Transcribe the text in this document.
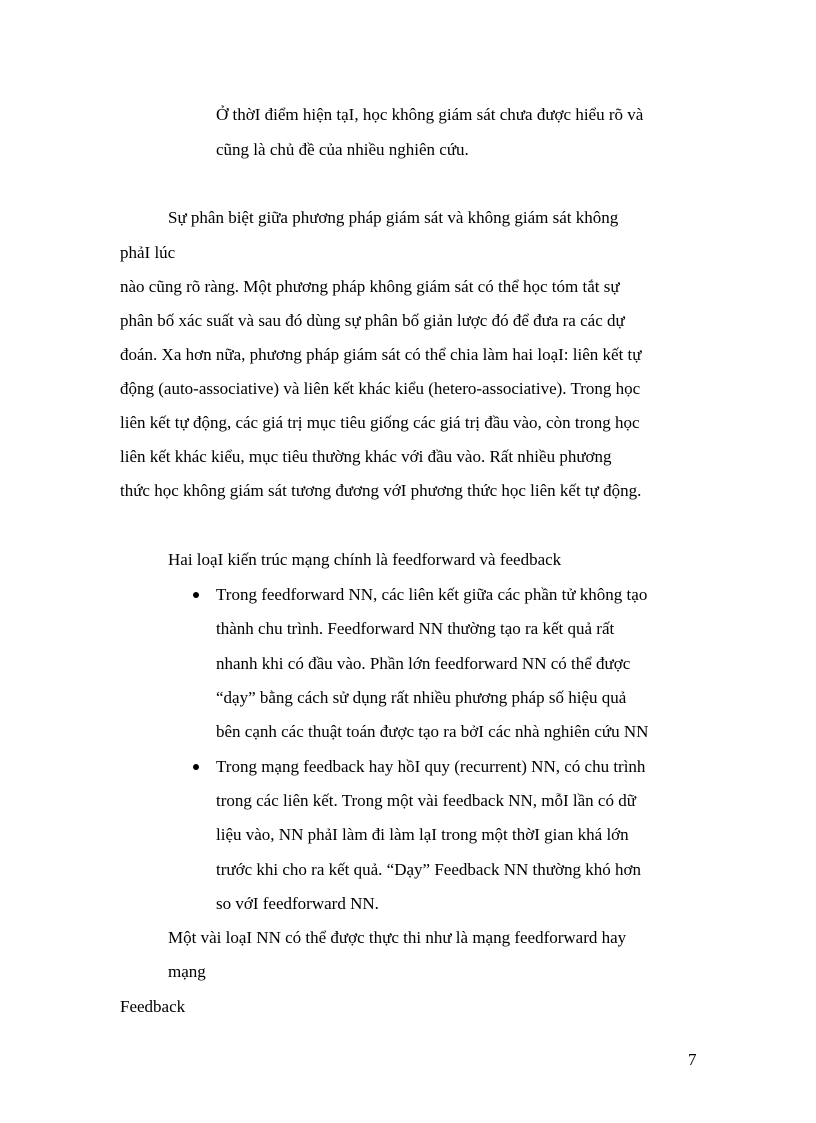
Ở thờI điểm hiện tạI, học không giám sát chưa được hiểu rõ và
cũng là chủ đề của nhiều nghiên cứu.
Sự phân biệt giữa phương pháp giám sát và không giám sát không
phảI lúc
nào cũng rõ ràng. Một phương pháp không giám sát có thể học tóm tắt sự
phân bố xác suất và sau đó dùng sự phân bố giản lược đó để đưa ra các dự
đoán. Xa hơn nữa, phương pháp giám sát có thể chia làm hai loạI: liên kết tự
động (auto-associative) và liên kết khác kiểu (hetero-associative). Trong học
liên kết tự động, các giá trị mục tiêu giống các giá trị đầu vào, còn trong học
liên kết khác kiểu, mục tiêu thường khác với đầu vào. Rất nhiều phương
thức học không giám sát tương đương vớI phương thức học liên kết tự động.
Hai loạI kiến trúc mạng chính là feedforward và feedback
Trong feedforward NN, các liên kết giữa các phần tử không tạo
thành chu trình. Feedforward NN thường tạo ra kết quả rất
nhanh khi có đầu vào. Phần lớn feedforward NN có thể được
“dạy” bằng cách sử dụng rất nhiều phương pháp số hiệu quả
bên cạnh các thuật toán được tạo ra bởI các nhà nghiên cứu NN
Trong mạng feedback hay hồI quy (recurrent) NN, có chu trình
trong các liên kết. Trong một vài feedback NN, mỗI lần có dữ
liệu vào, NN phảI làm đi làm lạI trong một thờI gian khá lớn
trước khi cho ra kết quả. “Dạy” Feedback NN thường khó hơn
so vớI feedforward NN.
Một vài loạI NN có thể được thực thi như là mạng feedforward hay
mạng
Feedback
7
